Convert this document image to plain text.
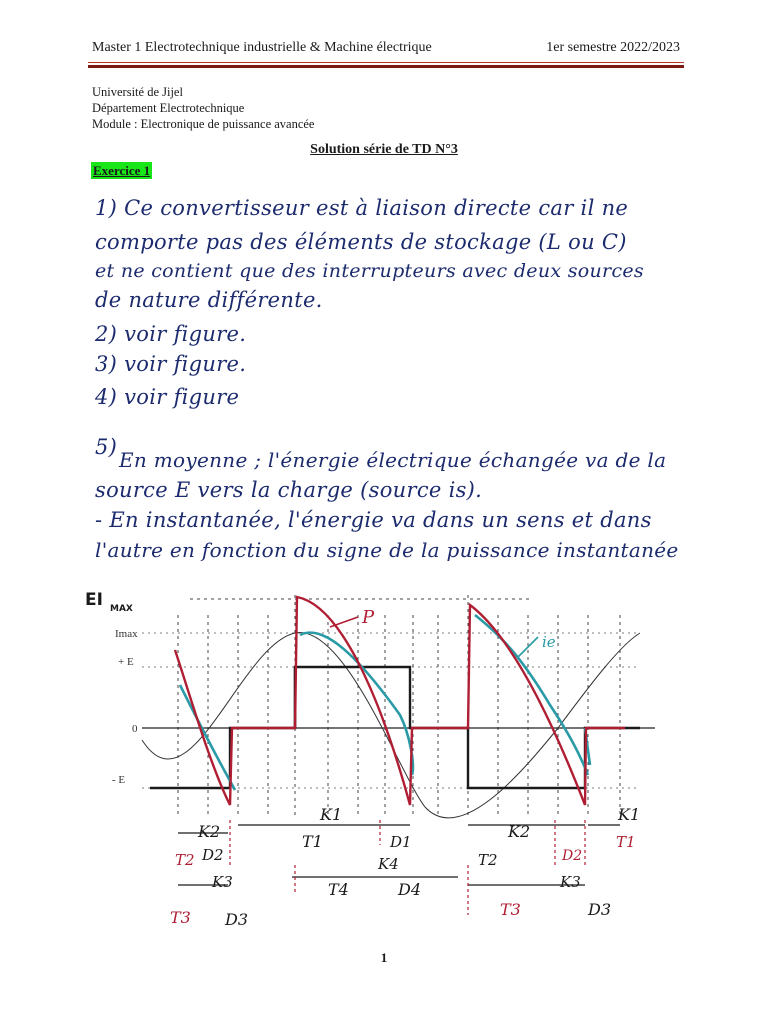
Master 1 Electrotechnique industrielle & Machine électrique	1er semestre 2022/2023
Université de Jijel
Département Electrotechnique
Module : Electronique de puissance avancée
Solution série de TD N°3
Exercice 1
1) Ce convertisseur est à liaison directe car il ne
comporte pas des éléments de stockage (L ou C)
et ne contient que des interrupteurs avec deux sources
de nature différente.
2) voir figure.
3) voir figure.
4) voir figure
5)
En moyenne ; l'énergie électrique échangée va de la
source E vers la charge (source is).
- En instantanée, l'énergie va dans un sens et dans
l'autre en fonction du signe de la puissance instantanée
P
ie
EI MAX
Imax
+ E
0
- E
K2
K1
K2
K1
T2 D2
T1	D1
T2	D2
T1
K3
K4
K3
T3 D3
T4	D4
T3	D3
1
